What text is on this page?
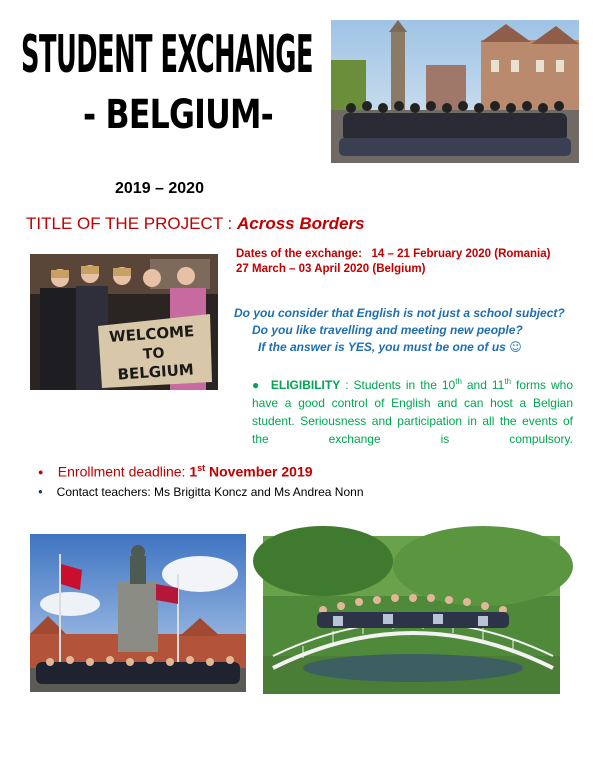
STUDENT EXCHANGE
- BELGIUM-
2019 – 2020
TITLE OF THE PROJECT : Across Borders
WELCOME
TO
BELGIUM
Dates of the exchange: 14 – 21 February 2020 (Romania)
27 March – 03 April 2020 (Belgium)
Do you consider that English is not just a school subject?
Do you like travelling and meeting new people?
If the answer is YES, you must be one of us ☺
● ELIGIBILITY : Students in the 10th and 11th forms who have a good control of English and can host a Belgian student. Seriousness and participation in all the events of the exchange is compulsory.
● Enrollment deadline: 1st November 2019
● Contact teachers: Ms Brigitta Koncz and Ms Andrea Nonn
